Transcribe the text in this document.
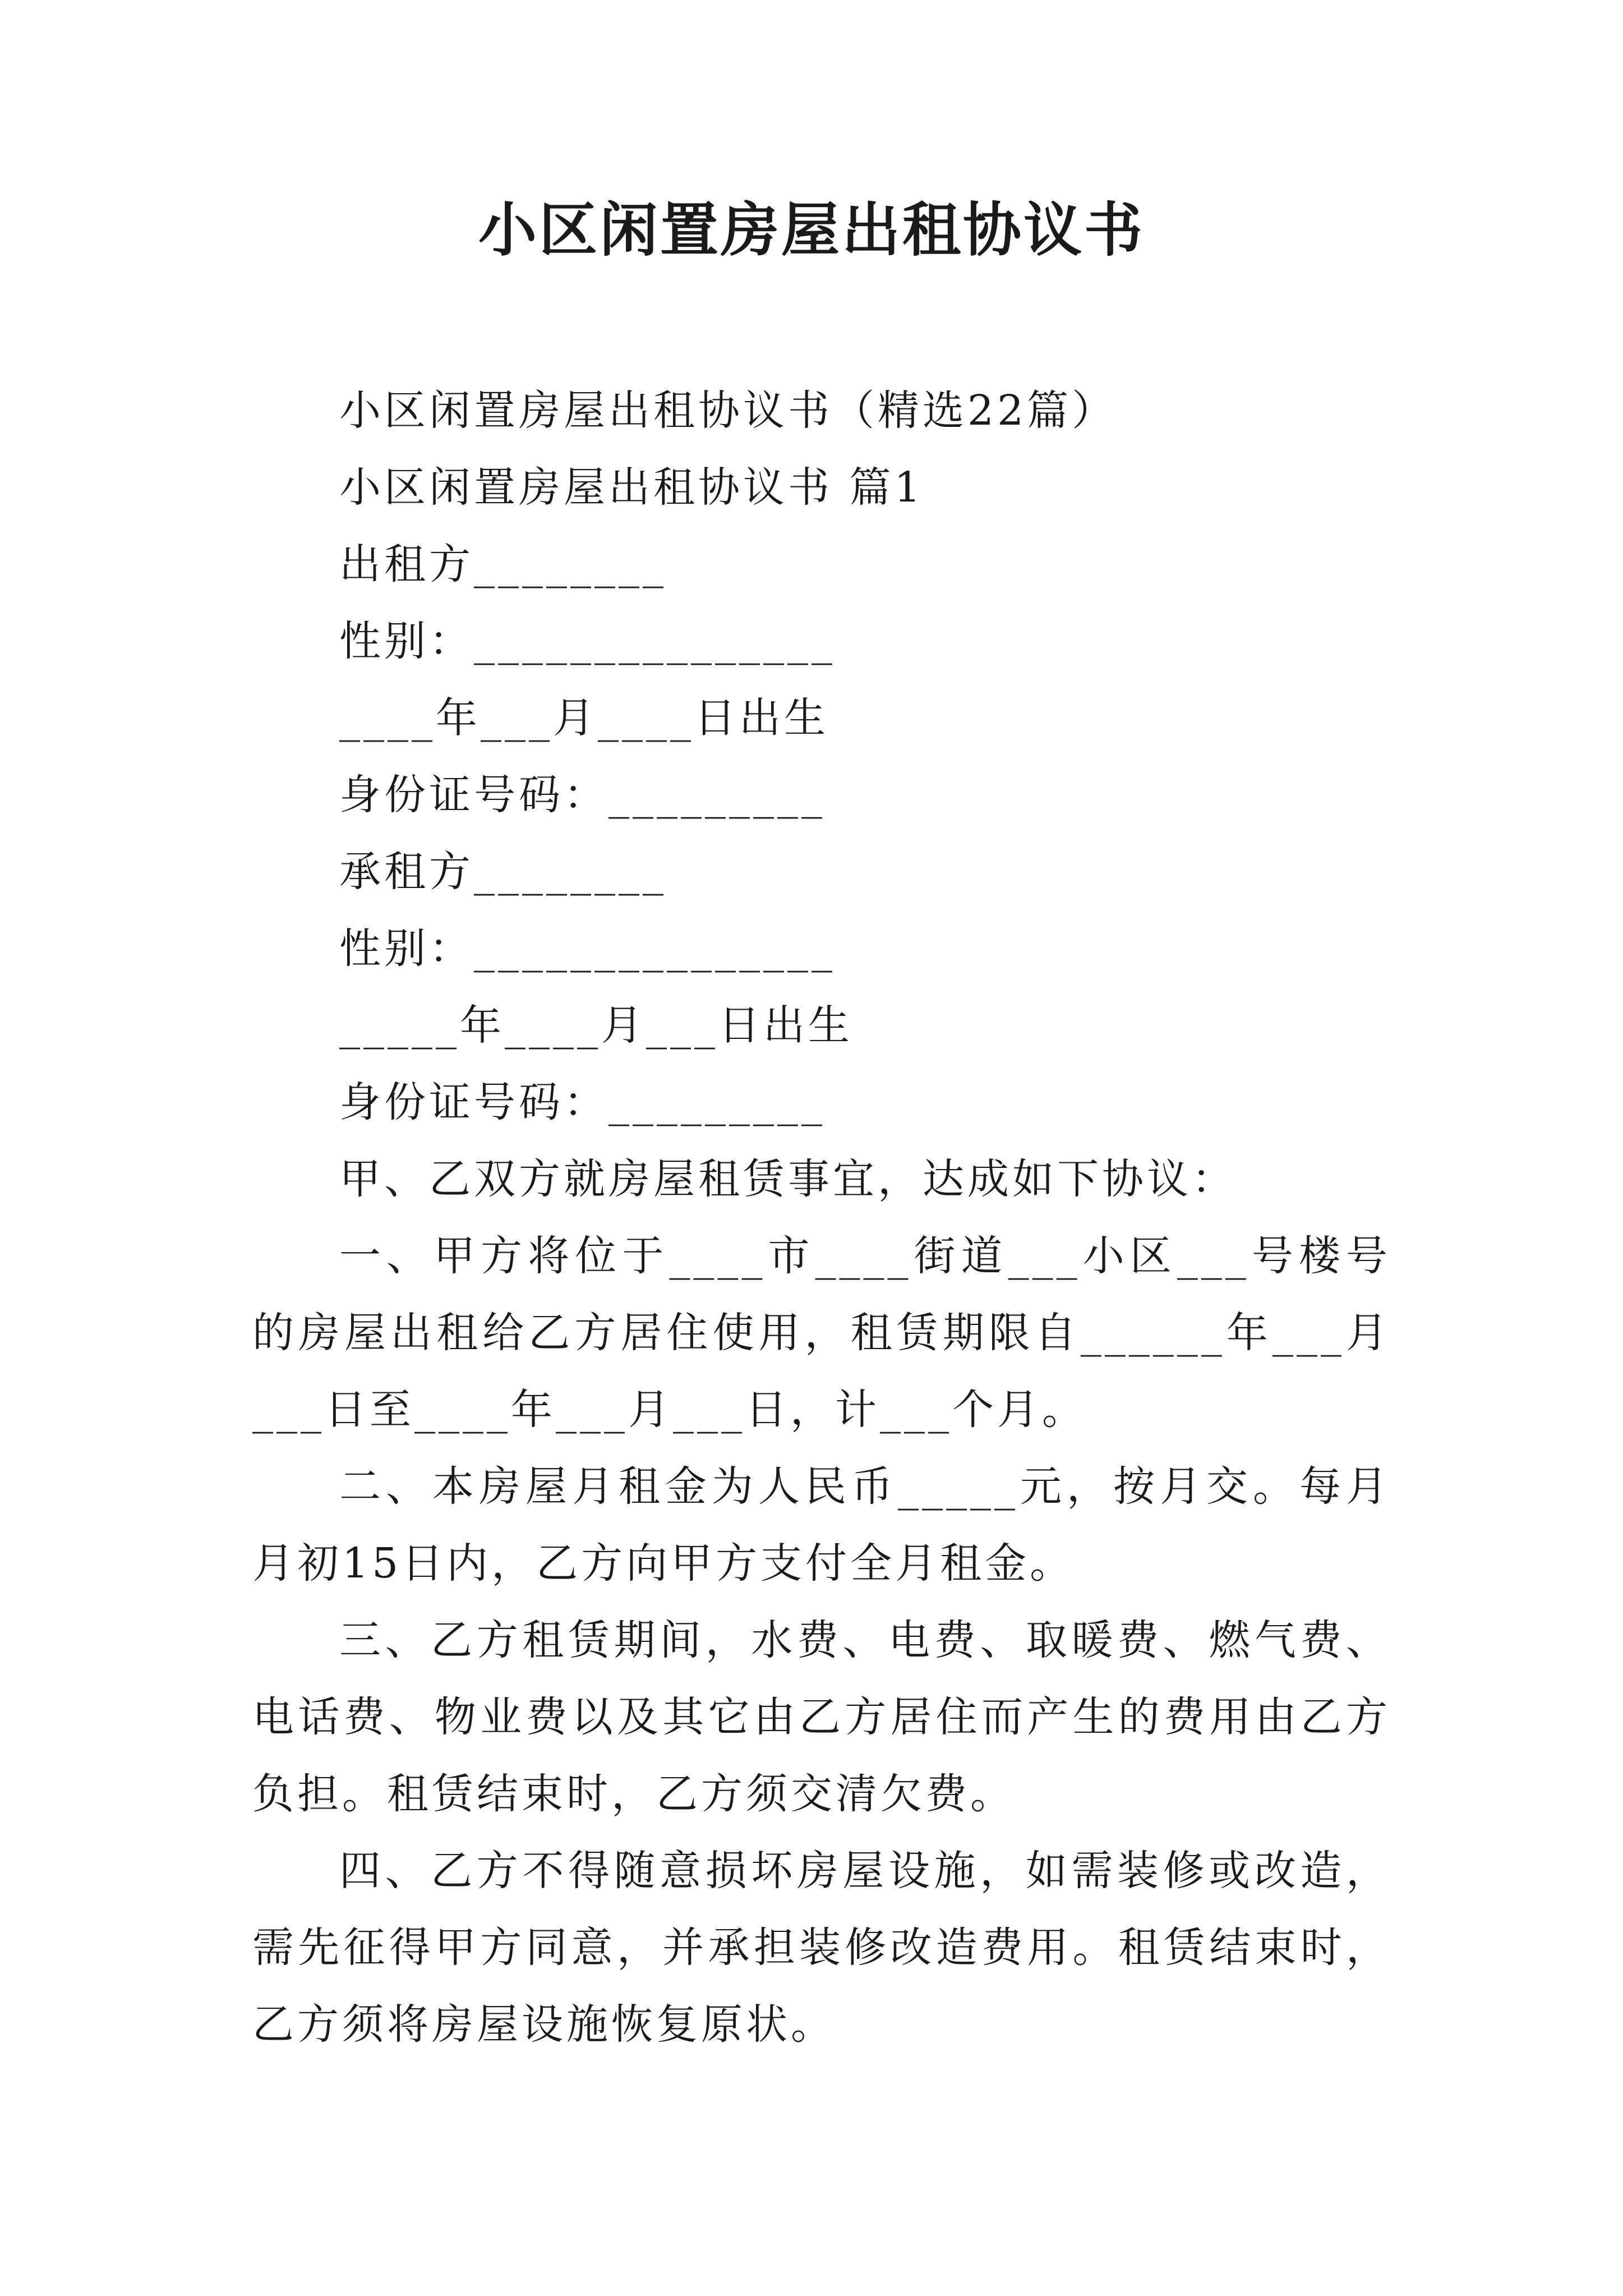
小区闲置房屋出租协议书
小区闲置房屋出租协议书（精选22篇）
小区闲置房屋出租协议书 篇1
出租方________
性别：_______________
____年___月____日出生
身份证号码：_________
承租方________
性别：_______________
_____年____月___日出生
身份证号码：_________
甲、乙双方就房屋租赁事宜，达成如下协议：

一、甲方将位于____市____街道___小区___号楼号的房屋出租给乙方居住使用，租赁期限自______年___月___日至____年___月___日，计___个月。

二、本房屋月租金为人民币_____元，按月交。每月月初15日内，乙方向甲方支付全月租金。

三、乙方租赁期间，水费、电费、取暖费、燃气费、电话费、物业费以及其它由乙方居住而产生的费用由乙方负担。租赁结束时，乙方须交清欠费。

四、乙方不得随意损坏房屋设施，如需装修或改造，需先征得甲方同意，并承担装修改造费用。租赁结束时，乙方须将房屋设施恢复原状。
